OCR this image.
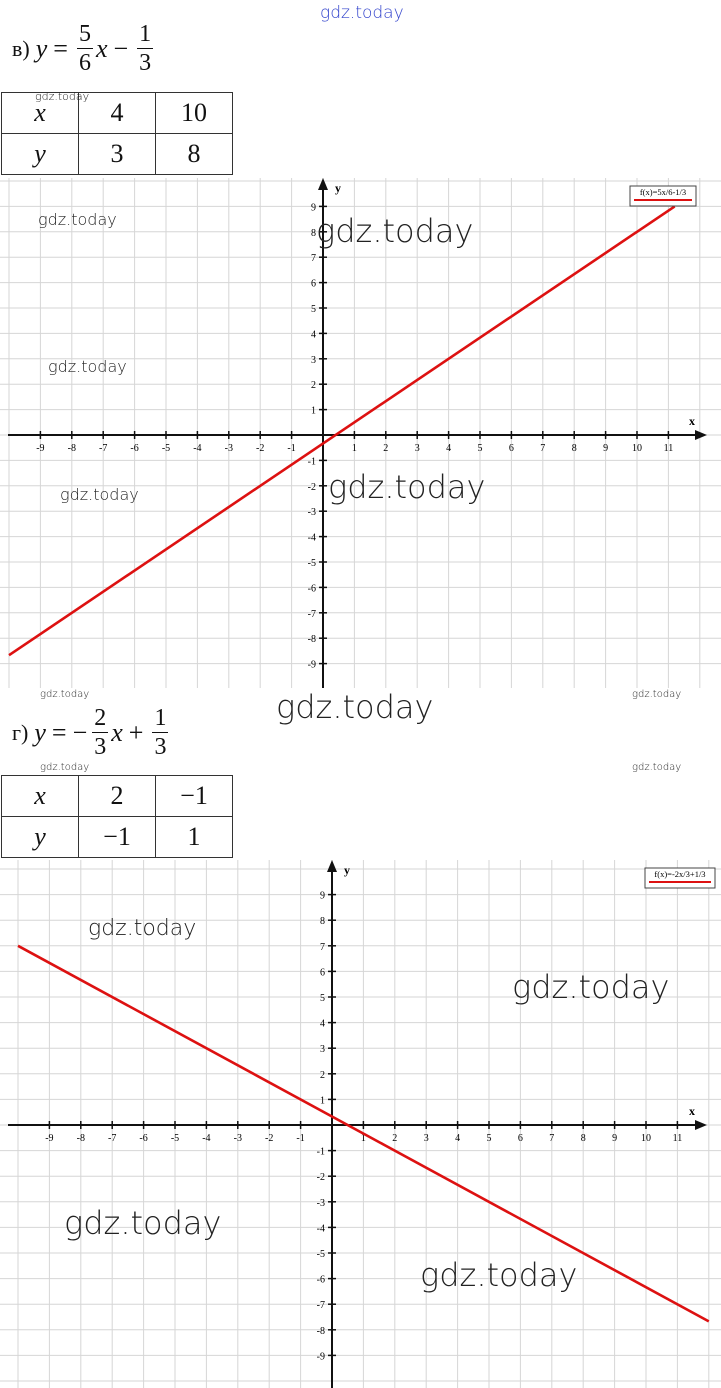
gdz.today
в) $y = \frac{5}{6}$ $x - \frac{1}{3}$
x	4	10
y	3	8
x
y
-9 -8 -7 -6 -5 -4 -3 -2 -1	1	2	3	4	5	6	7	8	9 10 11
-9
-8
-7
-6
-5
-4
-3
-2
-1
1
2
3
4
5
6
7
8
9
f(x)=5x/6-1/3
г) y = − $\frac{2}{3}$ $x + \frac{1}{3}$
x	2	−1
y	−1	1
x
y
-9 -8 -7 -6 -5 -4 -3 -2 -1	1	2	3	4	5	6	7	8	9 10 11
-9
-8
-7
-6
-5
-4
-3
-2
-1
1
2
3
4
5
6
7
8
9
f(x)=-2x/3+1/3
gdz.today
gdz.today	gdz.today
gdz.today
gdz.today	gdz.today
gdz.today	gdz.today
gdz.today
gdz.today	gdz.today
gdz.today
gdz.today
gdz.today
gdz.today
